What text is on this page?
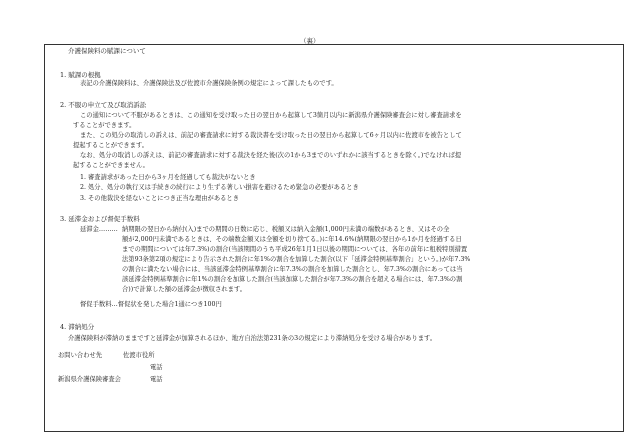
（裏）
介護保険料の賦課について
1. 賦課の根拠
表記の介護保険料は、介護保険法及び佐渡市介護保険条例の規定によって課したものです。
2. 不服の申立て及び取消訴訟
この通知について不服があるときは、この通知を受け取った日の翌日から起算して3箇月以内に新潟県介護保険審査会に対し審査請求を
することができます。
また、この処分の取消しの訴えは、前記の審査請求に対する裁決書を受け取った日の翌日から起算して6ヶ月以内に佐渡市を被告として
提起することができます。
なお、処分の取消しの訴えは、前記の審査請求に対する裁決を経た後(次の1から3までのいずれかに該当するときを除く。)でなければ提
起することができません。
1. 審査請求があった日から3ヶ月を経過しても裁決がないとき
2. 処分、処分の執行又は手続きの続行により生ずる著しい損害を避けるため緊急の必要があるとき
3. その他裁決を経ないことにつき正当な理由があるとき
3. 延滞金および督促手数料
延滞金……… 納期限の翌日から納付(入)までの期間の日数に応じ、税額又は納入金額(1,000円未満の端数があるとき、又はその全
額が2,000円未満であるときは、その端数金額又は全額を切り捨てる。)に年14.6%(納期限の翌日から1か月を経過する日
までの期間については年7.3%)の割合(当該期間のうち平成26年1月1日以後の期間については、各年の前年に租税特別措置
法第93条第2項の規定により告示された割合に年1%の割合を加算した割合(以下「延滞金特例基準割合」という。)が年7.3%
の割合に満たない場合には、当該延滞金特例基準割合に年7.3%の割合を加算した割合とし、年7.3%の割合にあっては当
該延滞金特例基準割合に年1%の割合を加算した割合(当該加算した割合が年7.3%の割合を超える場合には、年7.3%の割
合))で計算した額の延滞金が徴収されます。
督促手数料…督促状を発した場合1通につき100円
4. 滞納処分
介護保険料が滞納のままですと延滞金が加算されるほか、地方自治法第231条の3の規定により滞納処分を受ける場合があります。
お問い合わせ先	佐渡市役所
電話
新潟県介護保険審査会	電話
